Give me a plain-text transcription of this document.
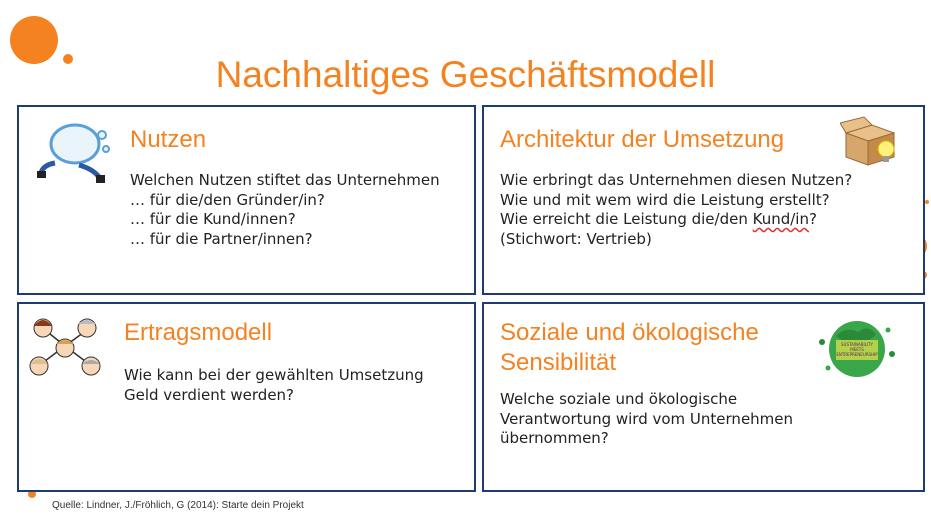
Nachhaltiges Geschäftsmodell
Nutzen
Welchen Nutzen stiftet das Unternehmen
… für die/den Gründer/in?
… für die Kund/innen?
… für die Partner/innen?
Architektur der Umsetzung
Wie erbringt das Unternehmen diesen Nutzen?
Wie und mit wem wird die Leistung erstellt?
Wie erreicht die Leistung die/den Kund/in?
(Stichwort: Vertrieb)
Ertragsmodell
Wie kann bei der gewählten Umsetzung
Geld verdient werden?
SUSTAINABILITY
MEETS
ENTREPRENEURSHIP
Soziale und ökologische
Sensibilität
Welche soziale und ökologische
Verantwortung wird vom Unternehmen
übernommen?
Quelle: Lindner, J./Fröhlich, G (2014): Starte dein Projekt
